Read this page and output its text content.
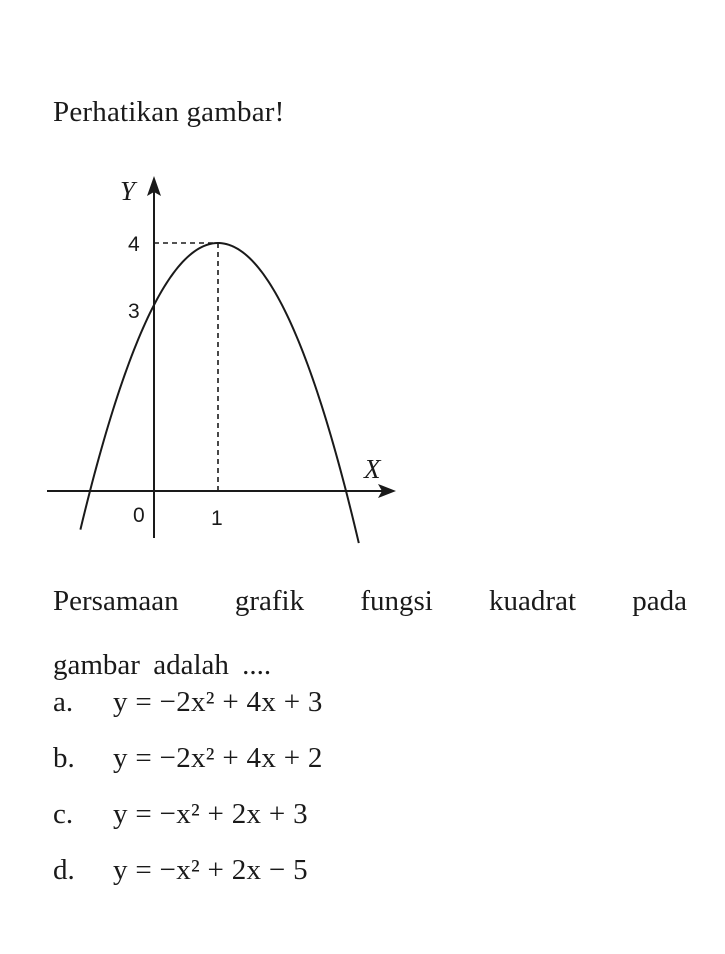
Perhatikan gambar!
Y
X
4
3
0	1
Persamaan grafik fungsi kuadrat pada
gambar adalah ....
a. y = −2x² + 4x + 3
b. y = −2x² + 4x + 2
c. y = −x² + 2x + 3
d. y = −x² + 2x − 5
